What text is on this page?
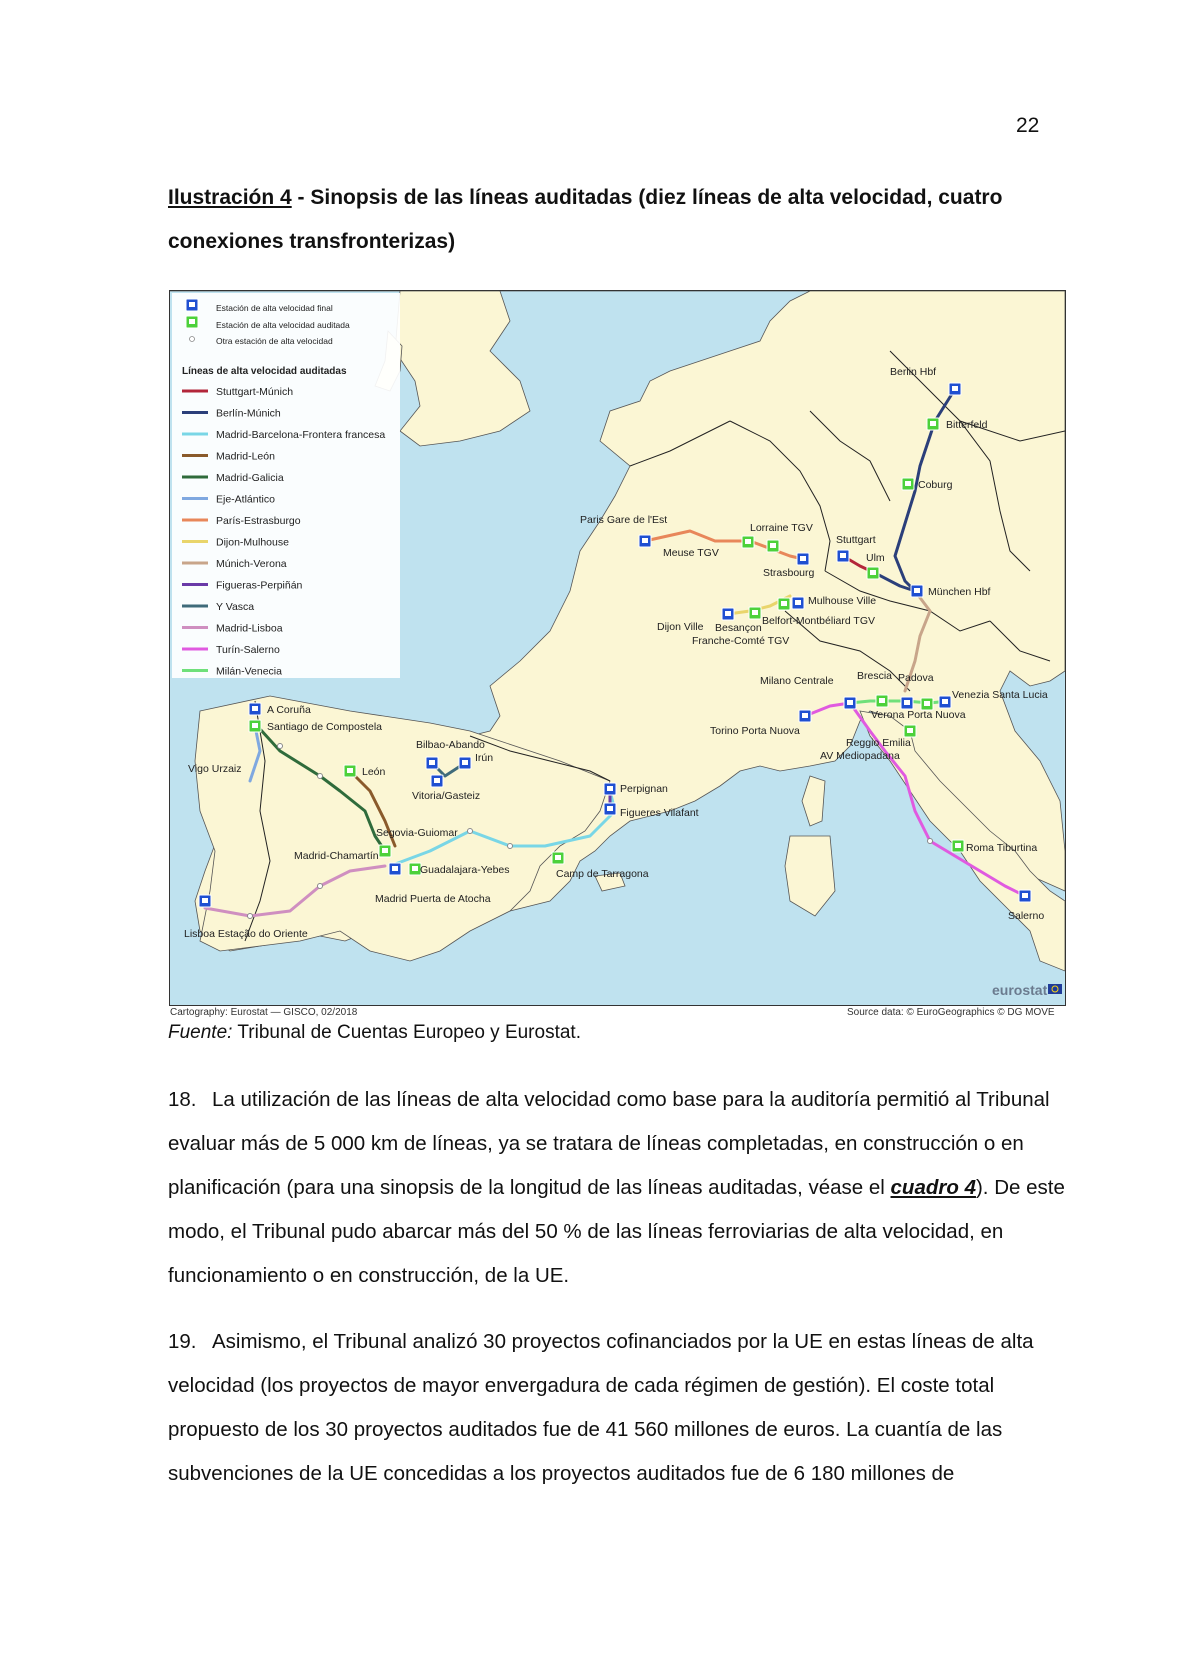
22
Ilustración 4 - Sinopsis de las líneas auditadas (diez líneas de alta velocidad, cuatro conexiones transfronterizas)
Estación de alta velocidad final
Estación de alta velocidad auditada
Otra estación de alta velocidad
Líneas de alta velocidad auditadas
Stuttgart-Múnich
Berlín-Múnich
Madrid-Barcelona-Frontera francesa
Madrid-León
Madrid-Galicia
Eje-Atlántico
París-Estrasburgo
Dijon-Mulhouse
Múnich-Verona
Figueras-Perpiñán
Y Vasca
Madrid-Lisboa
Turín-Salerno
Milán-Venecia
Berlin Hbf
Bitterfeld
Coburg
Stuttgart
Ulm
München Hbf
Paris Gare de l'Est
Lorraine TGV
Meuse TGV
Strasbourg
Mulhouse Ville
Dijon Ville	Belfort-Montbéliard TGV
Besançon Franche-Comté TGV
Milano Centrale Brescia Padova
Venezia Santa Lucia
Verona Porta Nuova
Torino Porta Nuova
Reggio Emilia AV Mediopadana
Roma Tiburtina
Salerno
A Coruña
Santiago de Compostela
Vigo Urzaiz
Bilbao-Abando
Irún
Vitoria/Gasteiz
León
Perpignan
Figueres Vilafant
Segovia-Guiomar
Madrid-Chamartín
Guadalajara-Yebes	Camp de Tarragona
Madrid Puerta de Atocha
Lisboa Estação do Oriente
eurostat
Cartography: Eurostat — GISCO, 02/2018	Source data: © EuroGeographics © DG MOVE
Fuente: Tribunal de Cuentas Europeo y Eurostat.
18. La utilización de las líneas de alta velocidad como base para la auditoría permitió al Tribunal evaluar más de 5 000 km de líneas, ya se tratara de líneas completadas, en construcción o en planificación (para una sinopsis de la longitud de las líneas auditadas, véase el cuadro 4). De este modo, el Tribunal pudo abarcar más del 50 % de las líneas ferroviarias de alta velocidad, en funcionamiento o en construcción, de la UE.
19. Asimismo, el Tribunal analizó 30 proyectos cofinanciados por la UE en estas líneas de alta velocidad (los proyectos de mayor envergadura de cada régimen de gestión). El coste total propuesto de los 30 proyectos auditados fue de 41 560 millones de euros. La cuantía de las subvenciones de la UE concedidas a los proyectos auditados fue de 6 180 millones de
